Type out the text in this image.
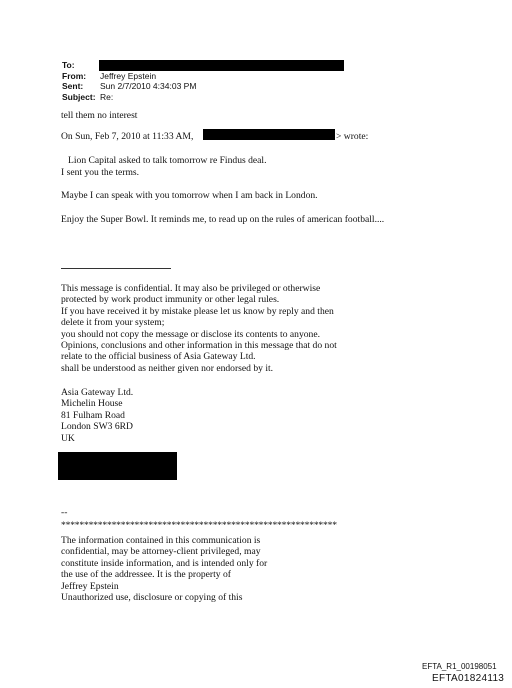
To:
From:	Jeffrey Epstein
Sent:	Sun 2/7/2010 4:34:03 PM
Subject: Re:
tell them no interest
On Sun, Feb 7, 2010 at 11:33 AM,	> wrote:
Lion Capital asked to talk tomorrow re Findus deal.
I sent you the terms.
Maybe I can speak with you tomorrow when I am back in London.
Enjoy the Super Bowl. It reminds me, to read up on the rules of american football....
This message is confidential. It may also be privileged or otherwise
protected by work product immunity or other legal rules.
If you have received it by mistake please let us know by reply and then
delete it from your system;
you should not copy the message or disclose its contents to anyone.
Opinions, conclusions and other information in this message that do not
relate to the official business of Asia Gateway Ltd.
shall be understood as neither given nor endorsed by it.
Asia Gateway Ltd.
Michelin House
81 Fulham Road
London SW3 6RD
UK
--
************************************************************
The information contained in this communication is
confidential, may be attorney-client privileged, may
constitute inside information, and is intended only for
the use of the addressee. It is the property of
Jeffrey Epstein
Unauthorized use, disclosure or copying of this
EFTA_R1_00198051
EFTA01824113
